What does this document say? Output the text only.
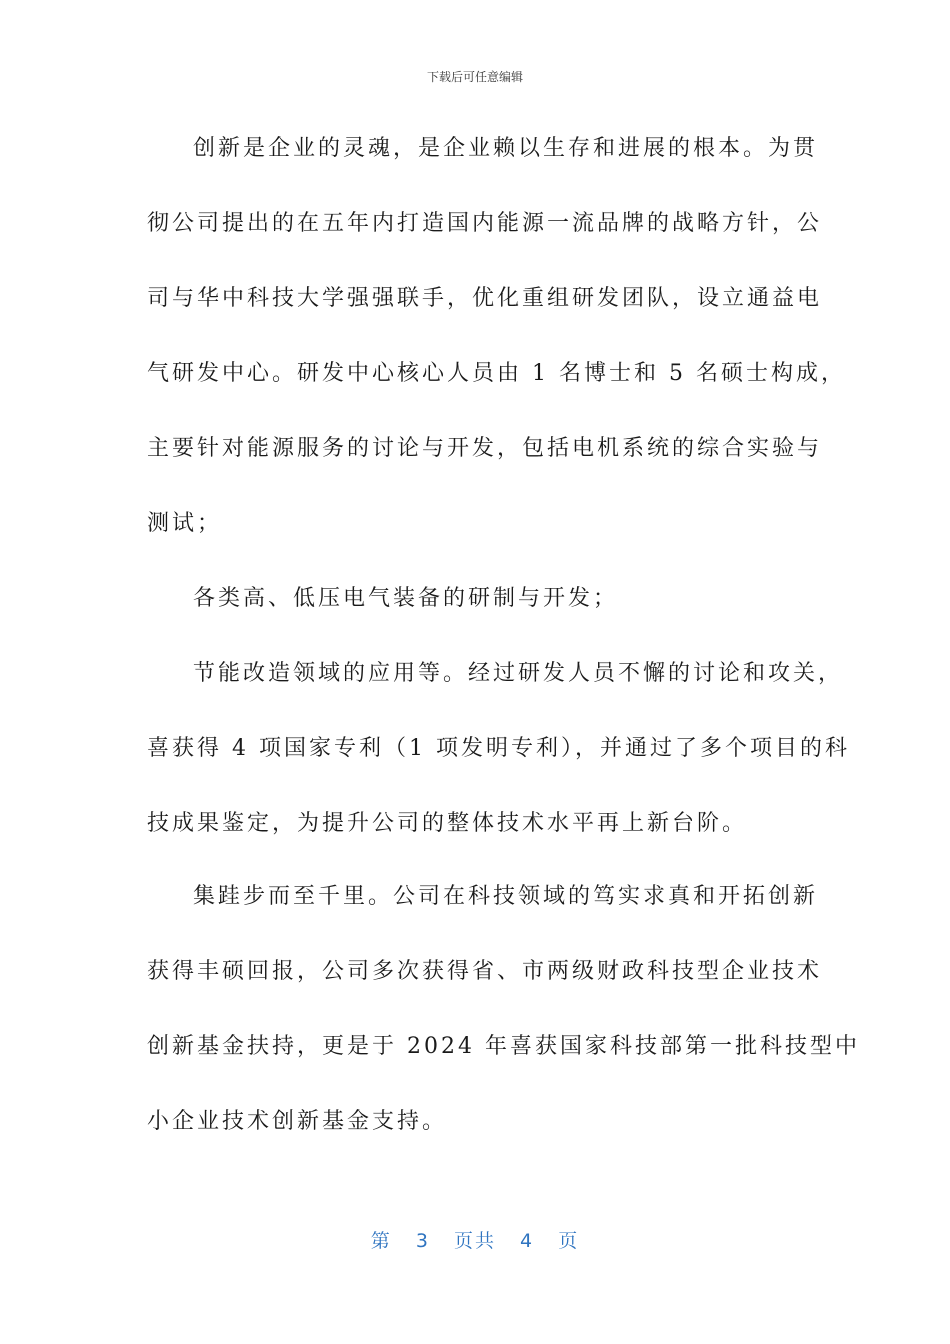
下载后可任意编辑
创新是企业的灵魂，是企业赖以生存和进展的根本。为贯
彻公司提出的在五年内打造国内能源一流品牌的战略方针，公
司与华中科技大学强强联手，优化重组研发团队，设立通益电
气研发中心。研发中心核心人员由 1 名博士和 5 名硕士构成，
主要针对能源服务的讨论与开发，包括电机系统的综合实验与
测试；
各类高、低压电气装备的研制与开发；
节能改造领域的应用等。经过研发人员不懈的讨论和攻关，
喜获得 4 项国家专利（1 项发明专利），并通过了多个项目的科
技成果鉴定，为提升公司的整体技术水平再上新台阶。
集跬步而至千里。公司在科技领域的笃实求真和开拓创新
获得丰硕回报，公司多次获得省、市两级财政科技型企业技术
创新基金扶持，更是于 2024 年喜获国家科技部第一批科技型中
小企业技术创新基金支持。
第 3 页共 4 页
